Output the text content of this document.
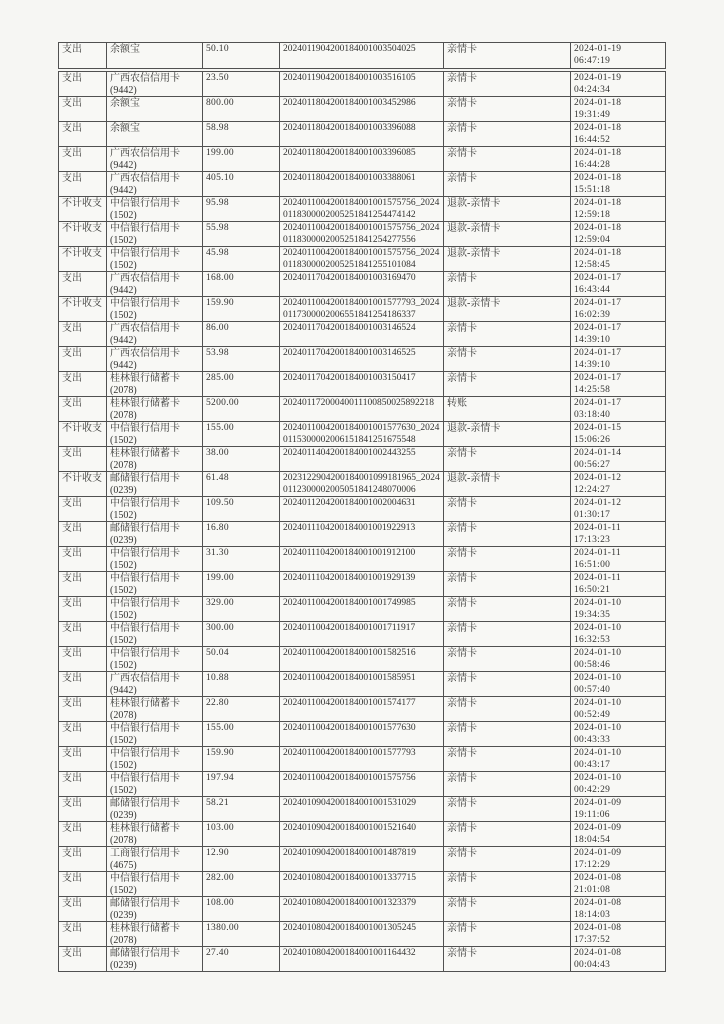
支出	余额宝	50.10	2024011904200184001003504025	亲情卡	2024-01-19
06:47:19
支出	广西农信信用卡
(9442)
	23.50	2024011904200184001003516105	亲情卡	2024-01-19
04:24:34

支出	余额宝	800.00	2024011804200184001003452986	亲情卡	2024-01-18
19:31:49

支出	余额宝	58.98	2024011804200184001003396088	亲情卡	2024-01-18
16:44:52

支出	广西农信信用卡
(9442)
	199.00	2024011804200184001003396085	亲情卡	2024-01-18
16:44:28

支出	广西农信信用卡
(9442)
	405.10	2024011804200184001003388061	亲情卡	2024-01-18
15:51:18

不计收支	中信银行信用卡
(1502)
	95.98	2024011004200184001001575756_20240118300002005251841254474142	退款-亲情卡	2024-01-18
12:59:18

不计收支	中信银行信用卡
(1502)
	55.98	2024011004200184001001575756_20240118300002005251841254277556	退款-亲情卡	2024-01-18
12:59:04

不计收支	中信银行信用卡
(1502)
	45.98	2024011004200184001001575756_20240118300002005251841255101084	退款-亲情卡	2024-01-18
12:58:45

支出	广西农信信用卡
(9442)
	168.00	2024011704200184001003169470	亲情卡	2024-01-17
16:43:44

不计收支	中信银行信用卡
(1502)
	159.90	2024011004200184001001577793_20240117300002006551841254186337	退款-亲情卡	2024-01-17
16:02:39

支出	广西农信信用卡
(9442)
	86.00	2024011704200184001003146524	亲情卡	2024-01-17
14:39:10

支出	广西农信信用卡
(9442)
	53.98	2024011704200184001003146525	亲情卡	2024-01-17
14:39:10

支出	桂林银行储蓄卡
(2078)
	285.00	2024011704200184001003150417	亲情卡	2024-01-17
14:25:58

支出	桂林银行储蓄卡
(2078)
	5200.00	20240117200040011100850025892218	转账	2024-01-17
03:18:40

不计收支	中信银行信用卡
(1502)
	155.00	2024011004200184001001577630_20240115300002006151841251675548	退款-亲情卡	2024-01-15
15:06:26

支出	桂林银行储蓄卡
(2078)
	38.00	2024011404200184001002443255	亲情卡	2024-01-14
00:56:27

不计收支	邮储银行信用卡
(0239)
	61.48	2023122904200184001099181965_20240112300002005051841248070006	退款-亲情卡	2024-01-12
12:24:27

支出	中信银行信用卡
(1502)
	109.50	2024011204200184001002004631	亲情卡	2024-01-12
01:30:17

支出	邮储银行信用卡
(0239)
	16.80	2024011104200184001001922913	亲情卡	2024-01-11
17:13:23

支出	中信银行信用卡
(1502)
	31.30	2024011104200184001001912100	亲情卡	2024-01-11
16:51:00

支出	中信银行信用卡
(1502)
	199.00	2024011104200184001001929139	亲情卡	2024-01-11
16:50:21

支出	中信银行信用卡
(1502)
	329.00	2024011004200184001001749985	亲情卡	2024-01-10
19:34:35

支出	中信银行信用卡
(1502)
	300.00	2024011004200184001001711917	亲情卡	2024-01-10
16:32:53

支出	中信银行信用卡
(1502)
	50.04	2024011004200184001001582516	亲情卡	2024-01-10
00:58:46

支出	广西农信信用卡
(9442)
	10.88	2024011004200184001001585951	亲情卡	2024-01-10
00:57:40

支出	桂林银行储蓄卡
(2078)
	22.80	2024011004200184001001574177	亲情卡	2024-01-10
00:52:49

支出	中信银行信用卡
(1502)
	155.00	2024011004200184001001577630	亲情卡	2024-01-10
00:43:33

支出	中信银行信用卡
(1502)
	159.90	2024011004200184001001577793	亲情卡	2024-01-10
00:43:17

支出	中信银行信用卡
(1502)
	197.94	2024011004200184001001575756	亲情卡	2024-01-10
00:42:29

支出	邮储银行信用卡
(0239)
	58.21	2024010904200184001001531029	亲情卡	2024-01-09
19:11:06

支出	桂林银行储蓄卡
(2078)
	103.00	2024010904200184001001521640	亲情卡	2024-01-09
18:04:54

支出	工商银行信用卡
(4675)
	12.90	2024010904200184001001487819	亲情卡	2024-01-09
17:12:29

支出	中信银行信用卡
(1502)
	282.00	2024010804200184001001337715	亲情卡	2024-01-08
21:01:08

支出	邮储银行信用卡
(0239)
	108.00	2024010804200184001001323379	亲情卡	2024-01-08
18:14:03

支出	桂林银行储蓄卡
(2078)
	1380.00	2024010804200184001001305245	亲情卡	2024-01-08
17:37:52

支出	邮储银行信用卡
(0239)
	27.40	2024010804200184001001164432	亲情卡	2024-01-08
00:04:43
